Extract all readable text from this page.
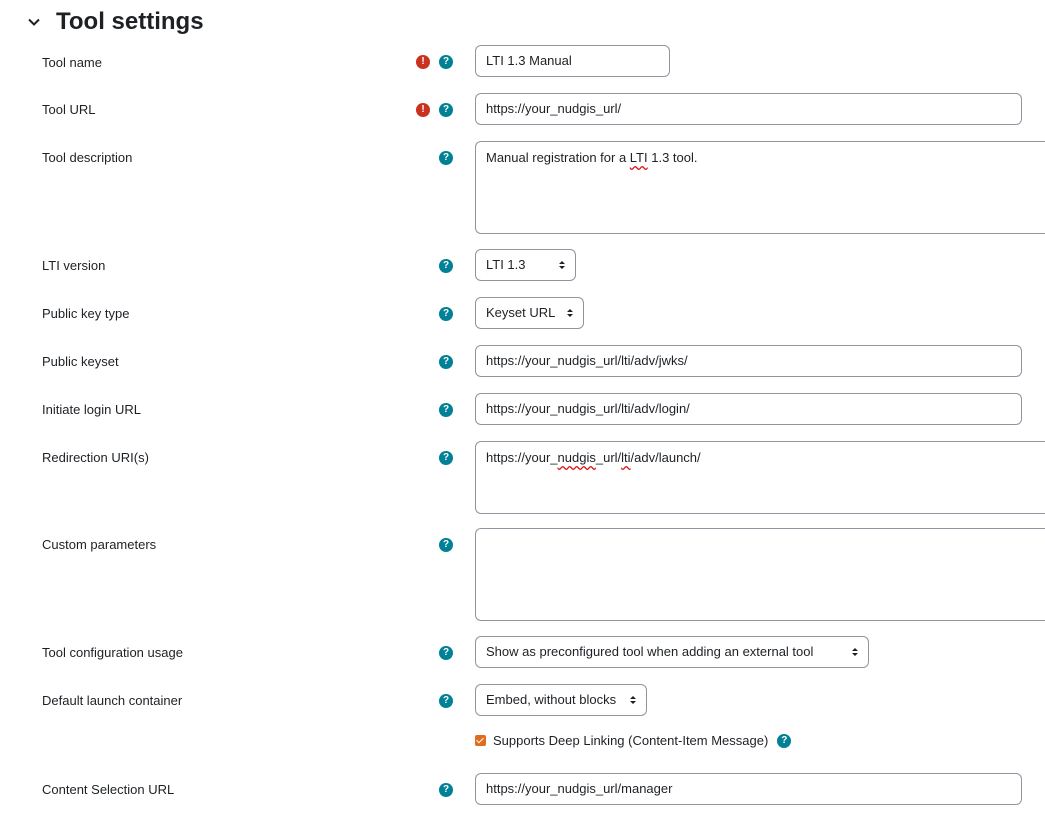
Tool settings
Tool name	!	?	LTI 1.3 Manual
Tool URL	!	?	https://your_nudgis_url/
Tool description	?	Manual registration for a LTI 1.3 tool.
LTI version	?	LTI 1.3
Public key type	?	Keyset URL
Public keyset	?	https://your_nudgis_url/lti/adv/jwks/
Initiate login URL	?	https://your_nudgis_url/lti/adv/login/
Redirection URI(s)	?	https://your_nudgis_url/lti/adv/launch/
Custom parameters	?
Tool configuration usage	?	Show as preconfigured tool when adding an external tool
Default launch container	?	Embed, without blocks
Supports Deep Linking (Content-Item Message)	?
Content Selection URL	?	https://your_nudgis_url/manager
